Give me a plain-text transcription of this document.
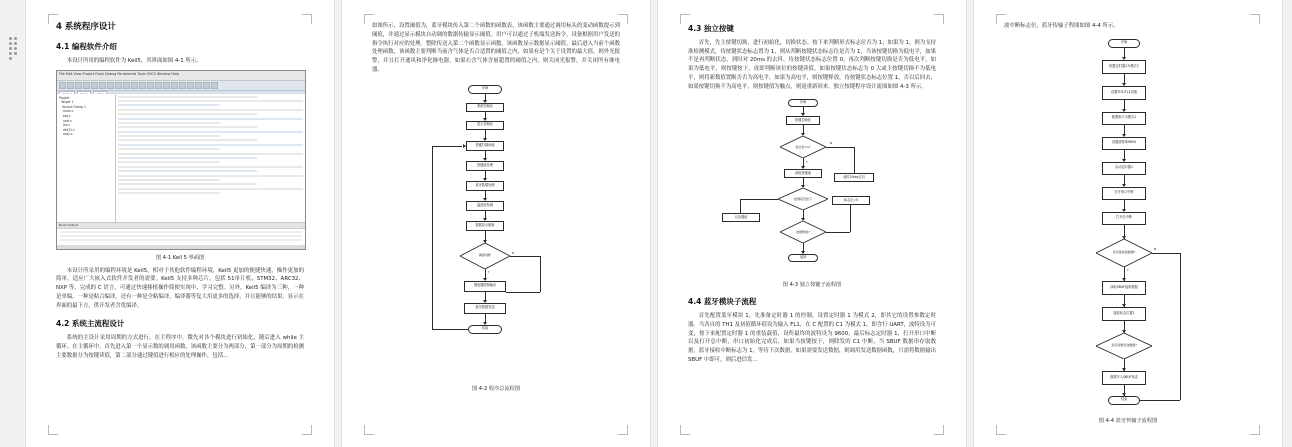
4 系统程序设计
4.1 编程软件介绍
本设计所用的编程软件为 Keil5，其界面如图 4-1 所示。
File Edit View Project Flash Debug Peripherals Tools SVCS Window Help
Project
Target 1
Source Group 1
main.c
key.c
uart.c
lcd.c
dht11.c
mq2.c
Build Output
图 4-1 Keil 5 界面图
本设计所采用的编程环境是 Keil5，相对于其他软件编程环境，Keil5 更加的便捷快速，操作更加的简单。适应广大嵌入式软件开发者的需要。Keil5 支持多种芯片，包括 51单片机、STM32、ARC32、NXP 等，完成的 C 语言，可通过快速移植操作简便实现中、学习完整。另外，Keil5 编译为三种，一种是单编，一种是粘合编译，还有一种是全粘编译，编译器等复大用更多的选择，并且能够的结果，显示在界面的最下方，供开发者含优编译。
4.2 系统主流程设计
系统的主设计采用周期的方式进行，在主程序中，微先对各个模块进行初始化，随后进入 while 主循环。在主循环中，首先进入第一个显示数的调用函数，该函数主要分为两部分，第一部分为周期的检测主要数据分为按键读值，第二部分通过键值进行相应的处理操作，包括…
如图所示，设置阈值为，蓝牙模块传入第二个函数的函数表，该函数主要通过调用标头的变动函数提示到阈值，并通过显示模块自动调的数据传输显示阈值。用户可以通过子机端发送指令，设备根据用户发送的指令执行对应的处理。整除传送入第二个函数显示函数，该函数显示数据显示阈值，最后进入当前个函数处理函数，该函数主要判断当前含气体是否合适置的阈值之内，如果有是个关于设置的最大值，则外光报警，并且打开通风和净化继电器，如果右含气体含量超置的阈值之内，则关闭光报警，并关闭所有继电器。
开始
系统初始化
显示初始化
按键扫描读值
按键值处理
蓝牙数据处理
温湿度检测
数据显示刷新
阈值判断
Y
N
继电器控制输出
蓝牙数据发送
结束
图 4-2 程序总流程图
4.3 独立按键
首先，先主按键切换，进行初始化，切换状态。按下来判断形式标志位否为 1；如果为 1，则为支持准检测模式，待按键状态标志置为 1，则从判断按键状态标志位是否为 1，当该按键切换为低电平，如果不是再判断状态，到时对 20ms 的去抖，待按键状态标志位置 0，再次判断按键切换是否为低电平，如果为低电平，则按键按下，成即判断该位的按键读值，如果按键状态标志为 0 大或主按键切换不为低电平，则将新数值置断否否为高电平，如果为高电平，则按键释放，待按键状态标志位置 1，否以后回去，如果按键切换不为高电平，则按键值为触点，则返重新回来。独立按键程序设计流图如图 4-3 所示。
开始
按键初始化
标志位=1?
读取按键值
延时20ms去抖
按键是否按下
记录键值
按键释放?
标志位=0
返回
N
Y
图 4-3 独立按键子流程图
4.4 蓝牙模块子流程
首先配置蓝牙模块 1，先准备定时器 1 的控制、设置定时器 1 为模式 2，即其它的设置参数定时器。当各自的 TH1 及初值循环值设为输入 FL1，在 C 配置的 C1 为模式 1，即含行 UART，波特设为可变，按下来配置定时器 1 的重装载值，设所最终的波特设为 9600。最后标志定时器 1，打开串口中断以及打开总中断，串口初始化完成后，如果当按键按下，则除发的 C1 中断，当 SBUF 数据串存取数据，蓝牙接收中断标志为 1，等待下次数据。如果需要发送数据，则调用发送数据函数，只需将数据输出 SBUF 中即可。则后进信发…
波中断标志位，蓝牙传输子程图如图 4-4 所示。
开始
配置定时器1为模式2
设置TH1/TL1初值
配置串口为模式1
设置波特率9600
启动定时器1
打开串口中断
打开总中断
是否接收到数据?
Y
N
读取SBUF接收数据
接收标志位置1
是否需要发送数据?
数据写入SBUF发送
结束
图 4-4 蓝牙传输子流程图
